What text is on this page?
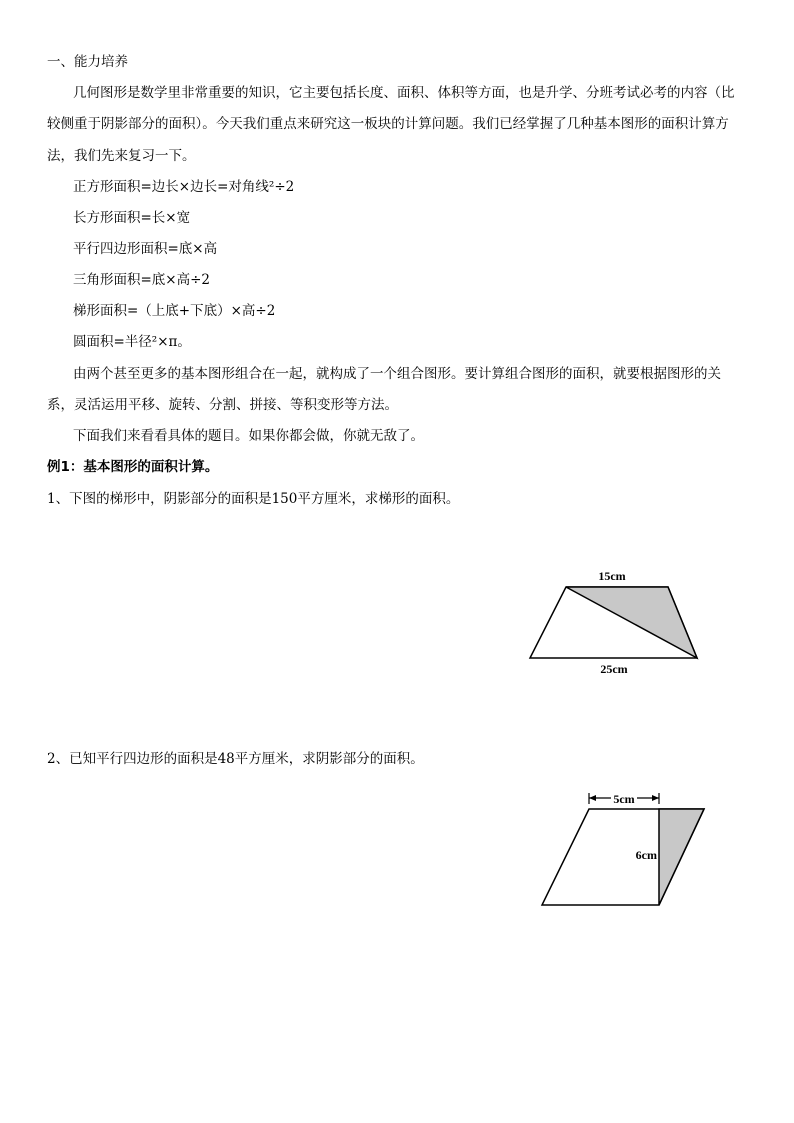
一、能力培养
几何图形是数学里非常重要的知识，它主要包括长度、面积、体积等方面，也是升学、分班考试必考的内容（比
较侧重于阴影部分的面积）。今天我们重点来研究这一板块的计算问题。我们已经掌握了几种基本图形的面积计算方
法，我们先来复习一下。
正方形面积=边长×边长=对角线²÷2
长方形面积=长×宽
平行四边形面积=底×高
三角形面积=底×高÷2
梯形面积=（上底+下底）×高÷2
圆面积=半径²×π。
由两个甚至更多的基本图形组合在一起，就构成了一个组合图形。要计算组合图形的面积，就要根据图形的关
系，灵活运用平移、旋转、分割、拼接、等积变形等方法。
下面我们来看看具体的题目。如果你都会做，你就无敌了。
例1：基本图形的面积计算。
1、下图的梯形中，阴影部分的面积是150平方厘米，求梯形的面积。
15cm
25cm
2、已知平行四边形的面积是48平方厘米，求阴影部分的面积。
5cm
6cm
